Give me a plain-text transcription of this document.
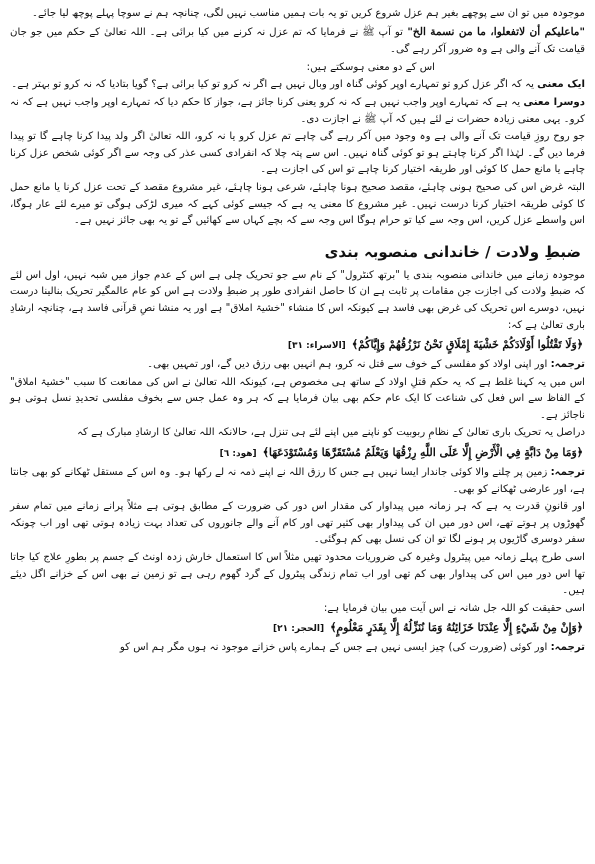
موجودہ میں تو ان سے پوچھے بغیر ہم عزل شروع کریں تو یہ بات ہمیں مناسب نہیں لگی، چنانچہ ہم نے سوچا پہلے پوچھ لیا جائے۔

"ماعليكم أن لاتفعلوا، ما من نسمة الخ" تو آپ ﷺ نے فرمایا کہ تم عزل نہ کرنے میں کیا برائی ہے۔ اللہ تعالیٰ کے حکم میں جو جان قیامت تک آنے والی ہے وہ ضرور آکر رہے گی۔

اس کے دو معنی ہوسکتے ہیں:

ایک معنی یہ کہ اگر عزل کرو تو تمہارے اوپر کوئی گناہ اور وبال نہیں ہے اگر نہ کرو تو کیا برائی ہے؟ گویا بتادیا کہ نہ کرو تو بہتر ہے۔

دوسرا معنی یہ ہے کہ تمہارے اوپر واجب نہیں ہے کہ نہ کرو یعنی کرنا جائز ہے، جواز کا حکم دیا کہ تمہارے اوپر واجب نہیں ہے کہ نہ کرو۔ یہی معنی زیادہ حضرات نے لئے ہیں کہ آپ ﷺ نے اجازت دی۔

جو روح روزِ قیامت تک آنے والی ہے وہ وجود میں آکر رہے گی چاہے تم عزل کرو یا نہ کرو، اللہ تعالیٰ اگر ولد پیدا کرنا چاہے گا تو پیدا فرما دیں گے۔ لہٰذا اگر کرنا چاہتے ہو تو کوئی گناہ نہیں۔ اس سے پتہ چلا کہ انفرادی کسی عذر کی وجہ سے اگر کوئی شخص عزل کرنا چاہے یا مانع حمل کا کوئی اور طریقہ اختیار کرنا چاہے تو اس کی اجازت ہے۔

البتہ غرض اس کی صحیح ہونی چاہئے، مقصد صحیح ہونا چاہئے، شرعی ہونا چاہئے، غیر مشروع مقصد کے تحت عزل کرنا یا مانع حمل کا کوئی طریقہ اختیار کرنا درست نہیں۔ غیر مشروع کا معنی یہ ہے کہ جیسے کوئی کہے کہ میری لڑکی ہوگی تو میرے لئے عار ہوگا، اس واسطے عزل کریں، اس وجہ سے کیا تو حرام ہوگا اس وجہ سے کہ بچے کہاں سے کھائیں گے تو یہ بھی جائز نہیں ہے۔

ضبطِ ولادت / خاندانی منصوبہ بندی

موجودہ زمانے میں خاندانی منصوبہ بندی یا "برتھ کنٹرول" کے نام سے جو تحریک چلی ہے اس کے عدم جواز میں شبہ نہیں، اول اس لئے کہ ضبطِ ولادت کی اجازت جن مقامات پر ثابت ہے ان کا حاصل انفرادی طور پر ضبطِ ولادت ہے اس کو عام عالمگیر تحریک بنالینا درست نہیں، دوسرے اس تحریک کی غرض بھی فاسد ہے کیونکہ اس کا منشاء "خشیۃ املاق" ہے اور یہ منشا نصِ قرآنی فاسد ہے، چنانچہ ارشادِ باری تعالیٰ ہے کہ:

﴿وَلَا تَقْتُلُوا أَوْلَادَكُمْ خَشْيَةَ إِمْلَاقٍ نَحْنُ نَرْزُقُهُمْ وَإِيَّاكُمْ﴾[الاسراء: ٣١]

ترجمہ: اور اپنی اولاد کو مفلسی کے خوف سے قتل نہ کرو، ہم انہیں بھی رزق دیں گے، اور تمہیں بھی۔

اس میں یہ کہنا غلط ہے کہ یہ حکم قتلِ اولاد کے ساتھ ہی مخصوص ہے، کیونکہ اللہ تعالیٰ نے اس کی ممانعت کا سبب "خشیۃ املاق" کے الفاظ سے اس فعل کی شناعت کا ایک عام حکم بھی بیان فرمایا ہے کہ ہر وہ عمل جس سے بخوف مفلسی تحدیدِ نسل ہوتی ہو ناجائز ہے۔

دراصل یہ تحریک باری تعالیٰ کے نظامِ ربوبیت کو ناپنے میں اپنے لئے ہی تنزل ہے، حالانکہ اللہ تعالیٰ کا ارشادِ مبارک ہے کہ

﴿وَمَا مِنْ دَابَّةٍ فِي الْأَرْضِ إِلَّا عَلَى اللَّهِ رِزْقُهَا وَيَعْلَمُ مُسْتَقَرَّهَا وَمُسْتَوْدَعَهَا﴾[ھود: ٦]

ترجمہ: زمین پر چلنے والا کوئی جاندار ایسا نہیں ہے جس کا رزق اللہ نے اپنے ذمہ نہ لے رکھا ہو۔ وہ اس کے مستقل ٹھکانے کو بھی جانتا ہے، اور عارضی ٹھکانے کو بھی۔

اور قانونِ قدرت یہ ہے کہ ہر زمانہ میں پیداوار کی مقدار اس دور کی ضرورت کے مطابق ہوتی ہے مثلاً پرانے زمانے میں تمام سفر گھوڑوں پر ہوتے تھے، اس دور میں ان کی پیداوار بھی کثیر تھی اور کام آنے والے جانوروں کی تعداد بہت زیادہ ہوتی تھی اور اب چونکہ سفر دوسری گاڑیوں پر ہونے لگا تو ان کی نسل بھی کم ہوگئی۔

اسی طرح پہلے زمانہ میں پیٹرول وغیرہ کی ضروریات محدود تھیں مثلاً اس کا استعمال خارش زدہ اونٹ کے جسم پر بطورِ علاج کیا جاتا تھا اس دور میں اس کی پیداوار بھی کم تھی اور اب تمام زندگی پیٹرول کے گرد گھوم رہی ہے تو زمین نے بھی اس کے خزانے اگل دیئے ہیں۔

اسی حقیقت کو اللہ جل شانہ نے اس آیت میں بیان فرمایا ہے:

﴿وَإِنْ مِنْ شَيْءٍ إِلَّا عِنْدَنَا خَزَائِنُهُ وَمَا نُنَزِّلُهُ إِلَّا بِقَدَرٍ مَعْلُومٍ﴾[الحجر: ٢١]

ترجمہ: اور کوئی (ضرورت کی) چیز ایسی نہیں ہے جس کے ہمارے پاس خزانے موجود نہ ہوں مگر ہم اس کو
